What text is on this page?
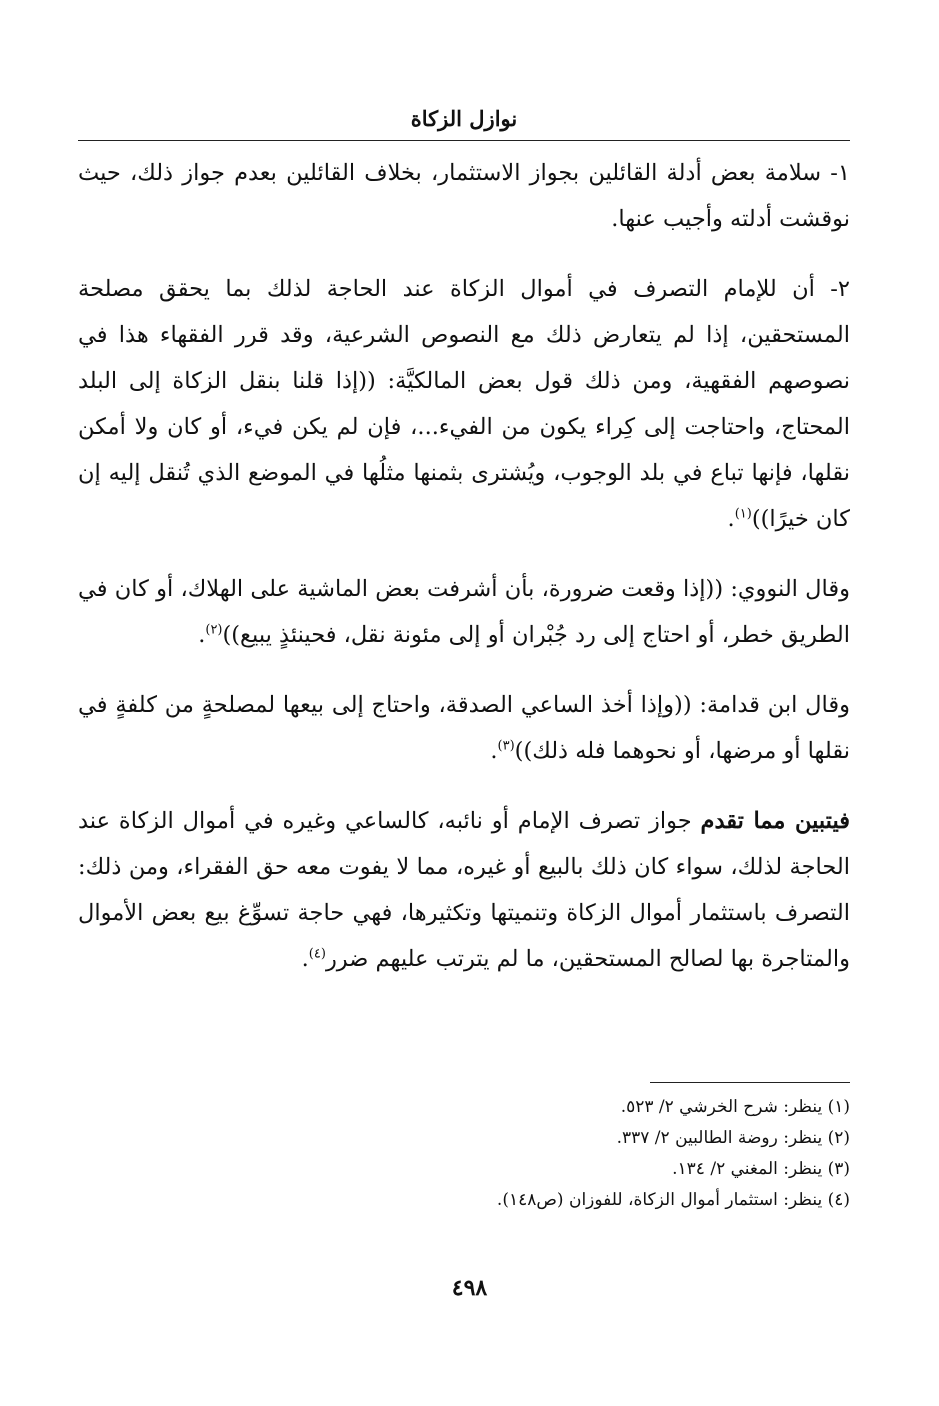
نوازل الزكاة

١- سلامة بعض أدلة القائلين بجواز الاستثمار، بخلاف القائلين بعدم جواز ذلك، حيث نوقشت أدلته وأجيب عنها.

٢- أن للإمام التصرف في أموال الزكاة عند الحاجة لذلك بما يحقق مصلحة المستحقين، إذا لم يتعارض ذلك مع النصوص الشرعية، وقد قرر الفقهاء هذا في نصوصهم الفقهية، ومن ذلك قول بعض المالكيَّة: ((إذا قلنا بنقل الزكاة إلى البلد المحتاج، واحتاجت إلى كِراء يكون من الفيء...، فإن لم يكن فيء، أو كان ولا أمكن نقلها، فإنها تباع في بلد الوجوب، ويُشترى بثمنها مثلُها في الموضع الذي تُنقل إليه إن كان خيرًا))$^{(١)}$.

وقال النووي: ((إذا وقعت ضرورة، بأن أشرفت بعض الماشية على الهلاك، أو كان في الطريق خطر، أو احتاج إلى رد جُبْران أو إلى مئونة نقل، فحينئذٍ يبيع))$^{(٢)}$.

وقال ابن قدامة: ((وإذا أخذ الساعي الصدقة، واحتاج إلى بيعها لمصلحةٍ من كلفةٍ في نقلها أو مرضها، أو نحوهما فله ذلك))$^{(٣)}$.

فيتبين مما تقدم جواز تصرف الإمام أو نائبه، كالساعي وغيره في أموال الزكاة عند الحاجة لذلك، سواء كان ذلك بالبيع أو غيره، مما لا يفوت معه حق الفقراء، ومن ذلك: التصرف باستثمار أموال الزكاة وتنميتها وتكثيرها، فهي حاجة تسوِّغ بيع بعض الأموال والمتاجرة بها لصالح المستحقين، ما لم يترتب عليهم ضرر$^{(٤)}$.

(١) ينظر: شرح الخرشي ٢/ ٥٢٣.

(٢) ينظر: روضة الطالبين ٢/ ٣٣٧.

(٣) ينظر: المغني ٢/ ١٣٤.

(٤) ينظر: استثمار أموال الزكاة، للفوزان (ص١٤٨).

٤٩٨
